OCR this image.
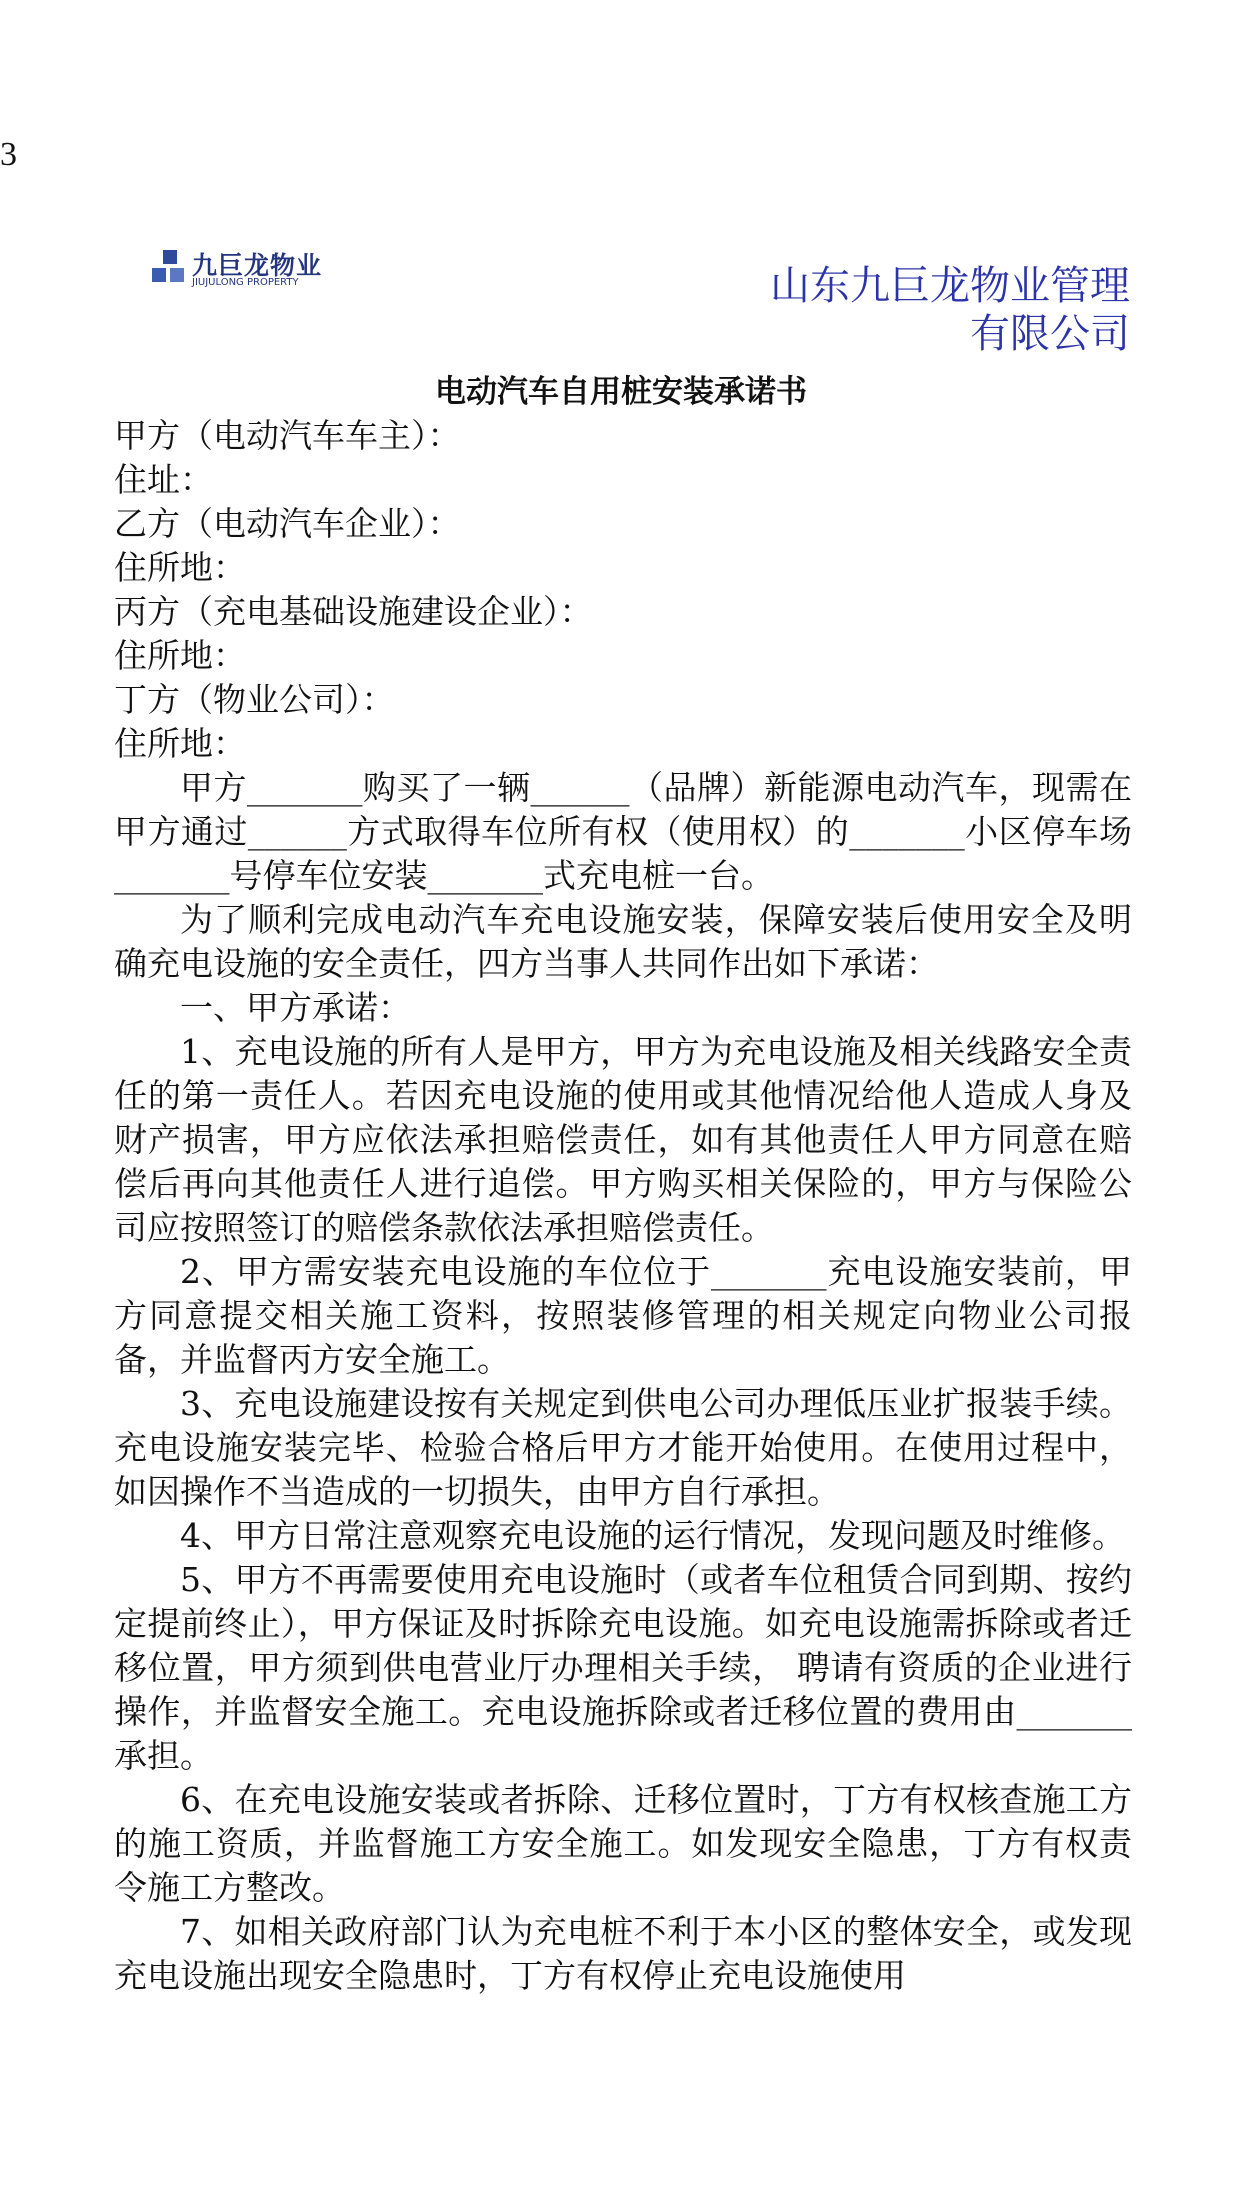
3
九巨龙物业
JIUJULONG PROPERTY	山东九巨龙物业管理
有限公司
电动汽车自用桩安装承诺书

甲方（电动汽车车主）：

住址：

乙方（电动汽车企业）：

住所地：

丙方（充电基础设施建设企业）：

住所地：

丁方（物业公司）：

住所地：

甲方_______购买了一辆______（品牌）新能源电动汽车，现需在甲方通过______方式取得车位所有权（使用权）的_______小区停车场_______号停车位安装_______式充电桩一台。

为了顺利完成电动汽车充电设施安装，保障安装后使用安全及明确充电设施的安全责任，四方当事人共同作出如下承诺：

一、甲方承诺：

1、充电设施的所有人是甲方，甲方为充电设施及相关线路安全责任的第一责任人。若因充电设施的使用或其他情况给他人造成人身及财产损害，甲方应依法承担赔偿责任，如有其他责任人甲方同意在赔偿后再向其他责任人进行追偿。甲方购买相关保险的，甲方与保险公司应按照签订的赔偿条款依法承担赔偿责任。

2、甲方需安装充电设施的车位位于_______充电设施安装前，甲方同意提交相关施工资料，按照装修管理的相关规定向物业公司报备，并监督丙方安全施工。

3、充电设施建设按有关规定到供电公司办理低压业扩报装手续。充电设施安装完毕、检验合格后甲方才能开始使用。在使用过程中，如因操作不当造成的一切损失，由甲方自行承担。

4、甲方日常注意观察充电设施的运行情况，发现问题及时维修。

5、甲方不再需要使用充电设施时（或者车位租赁合同到期、按约定提前终止），甲方保证及时拆除充电设施。如充电设施需拆除或者迁移位置，甲方须到供电营业厅办理相关手续， 聘请有资质的企业进行操作，并监督安全施工。充电设施拆除或者迁移位置的费用由_______承担。

6、在充电设施安装或者拆除、迁移位置时，丁方有权核查施工方的施工资质，并监督施工方安全施工。如发现安全隐患，丁方有权责令施工方整改。

7、如相关政府部门认为充电桩不利于本小区的整体安全，或发现充电设施出现安全隐患时，丁方有权停止充电设施使用
